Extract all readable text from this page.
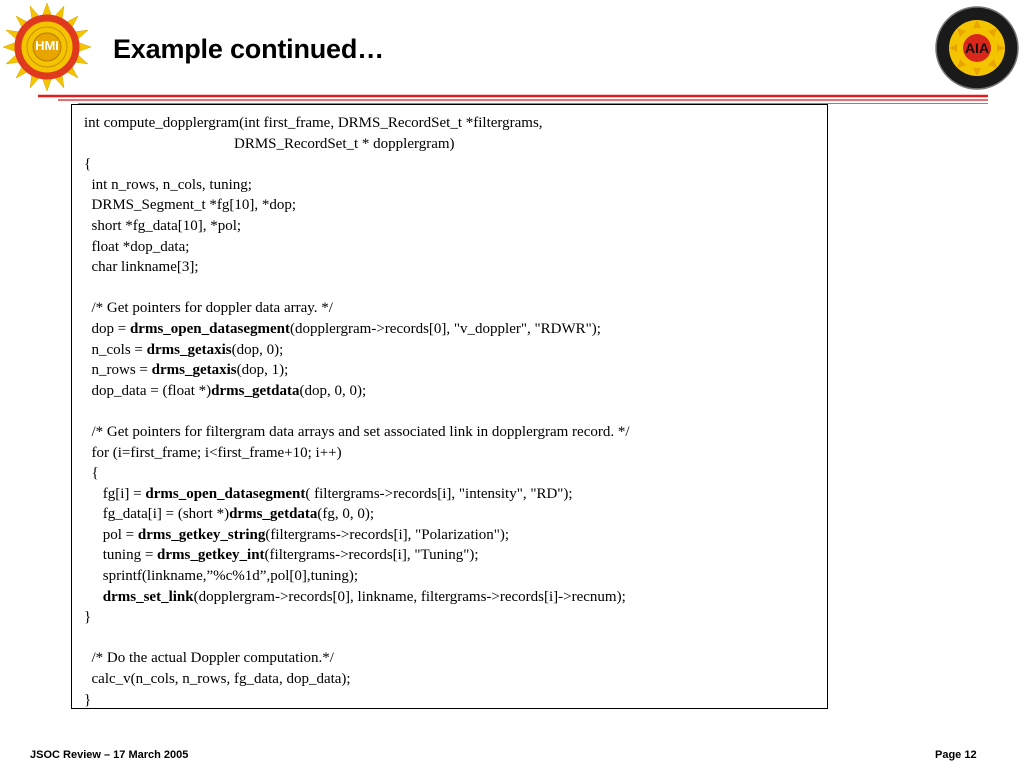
HMI	Example continued…	AIA
int compute_dopplergram(int first_frame, DRMS_RecordSet_t *filtergrams,
DRMS_RecordSet_t * dopplergram)
{
int n_rows, n_cols, tuning;
DRMS_Segment_t *fg[10], *dop;
short *fg_data[10], *pol;
float *dop_data;
char linkname[3];
/* Get pointers for doppler data array. */
dop = drms_open_datasegment(dopplergram->records[0], "v_doppler", "RDWR");
n_cols = drms_getaxis(dop, 0);
n_rows = drms_getaxis(dop, 1);
dop_data = (float *)drms_getdata(dop, 0, 0);
/* Get pointers for filtergram data arrays and set associated link in dopplergram record. */
for (i=first_frame; i<first_frame+10; i++)
{
fg[i] = drms_open_datasegment( filtergrams->records[i], "intensity", "RD");
fg_data[i] = (short *)drms_getdata(fg, 0, 0);
pol = drms_getkey_string(filtergrams->records[i], "Polarization");
tuning = drms_getkey_int(filtergrams->records[i], "Tuning");
sprintf(linkname,”%c%1d”,pol[0],tuning);
drms_set_link(dopplergram->records[0], linkname, filtergrams->records[i]->recnum);
}
/* Do the actual Doppler computation.*/
calc_v(n_cols, n_rows, fg_data, dop_data);
}
JSOC Review – 17 March 2005	Page 12
